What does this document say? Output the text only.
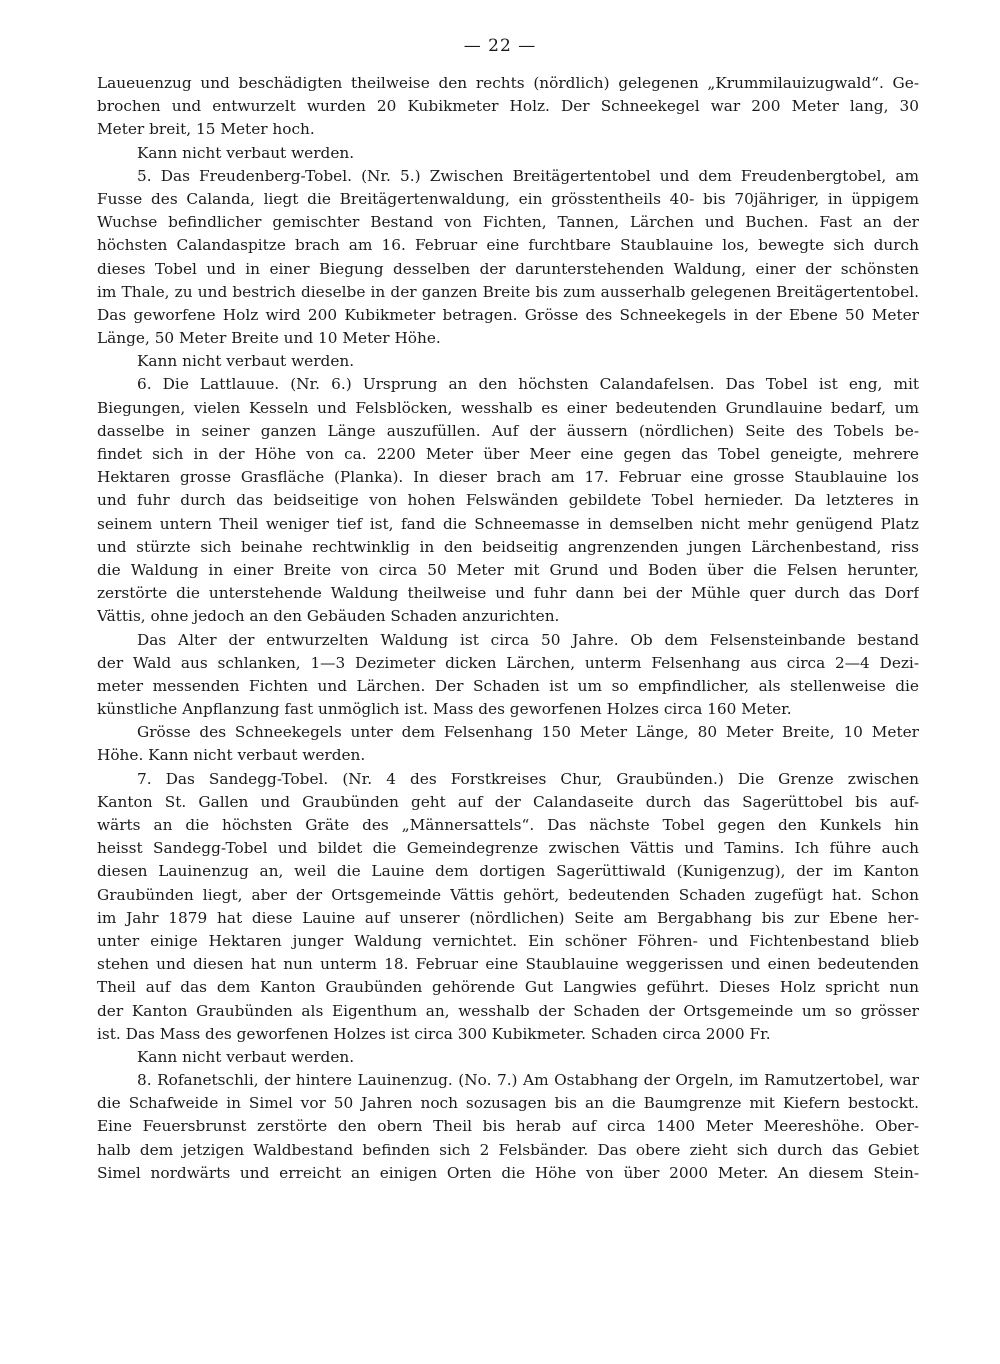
— 22 —
Laueuenzug und beschädigten theilweise den rechts (nördlich) gelegenen „Krummilauizugwald“. Ge-
brochen und entwurzelt wurden 20 Kubikmeter Holz. Der Schneekegel war 200 Meter lang, 30
Meter breit, 15 Meter hoch.
Kann nicht verbaut werden.
5. Das Freudenberg-Tobel. (Nr. 5.) Zwischen Breitägertentobel und dem Freudenbergtobel, am
Fusse des Calanda, liegt die Breitägertenwaldung, ein grösstentheils 40- bis 70jähriger, in üppigem
Wuchse befindlicher gemischter Bestand von Fichten, Tannen, Lärchen und Buchen. Fast an der
höchsten Calandaspitze brach am 16. Februar eine furchtbare Staublauine los, bewegte sich durch
dieses Tobel und in einer Biegung desselben der darunterstehenden Waldung, einer der schönsten
im Thale, zu und bestrich dieselbe in der ganzen Breite bis zum ausserhalb gelegenen Breitägertentobel.
Das geworfene Holz wird 200 Kubikmeter betragen. Grösse des Schneekegels in der Ebene 50 Meter
Länge, 50 Meter Breite und 10 Meter Höhe.
Kann nicht verbaut werden.
6. Die Lattlauue. (Nr. 6.) Ursprung an den höchsten Calandafelsen. Das Tobel ist eng, mit
Biegungen, vielen Kesseln und Felsblöcken, wesshalb es einer bedeutenden Grundlauine bedarf, um
dasselbe in seiner ganzen Länge auszufüllen. Auf der äussern (nördlichen) Seite des Tobels be-
findet sich in der Höhe von ca. 2200 Meter über Meer eine gegen das Tobel geneigte, mehrere
Hektaren grosse Grasfläche (Planka). In dieser brach am 17. Februar eine grosse Staublauine los
und fuhr durch das beidseitige von hohen Felswänden gebildete Tobel hernieder. Da letzteres in
seinem untern Theil weniger tief ist, fand die Schneemasse in demselben nicht mehr genügend Platz
und stürzte sich beinahe rechtwinklig in den beidseitig angrenzenden jungen Lärchenbestand, riss
die Waldung in einer Breite von circa 50 Meter mit Grund und Boden über die Felsen herunter,
zerstörte die unterstehende Waldung theilweise und fuhr dann bei der Mühle quer durch das Dorf
Vättis, ohne jedoch an den Gebäuden Schaden anzurichten.
Das Alter der entwurzelten Waldung ist circa 50 Jahre. Ob dem Felsensteinbande bestand
der Wald aus schlanken, 1—3 Dezimeter dicken Lärchen, unterm Felsenhang aus circa 2—4 Dezi-
meter messenden Fichten und Lärchen. Der Schaden ist um so empfindlicher, als stellenweise die
künstliche Anpflanzung fast unmöglich ist. Mass des geworfenen Holzes circa 160 Meter.
Grösse des Schneekegels unter dem Felsenhang 150 Meter Länge, 80 Meter Breite, 10 Meter
Höhe. Kann nicht verbaut werden.
7. Das Sandegg-Tobel. (Nr. 4 des Forstkreises Chur, Graubünden.) Die Grenze zwischen
Kanton St. Gallen und Graubünden geht auf der Calandaseite durch das Sagerüttobel bis auf-
wärts an die höchsten Gräte des „Männersattels“. Das nächste Tobel gegen den Kunkels hin
heisst Sandegg-Tobel und bildet die Gemeindegrenze zwischen Vättis und Tamins. Ich führe auch
diesen Lauinenzug an, weil die Lauine dem dortigen Sagerüttiwald (Kunigenzug), der im Kanton
Graubünden liegt, aber der Ortsgemeinde Vättis gehört, bedeutenden Schaden zugefügt hat. Schon
im Jahr 1879 hat diese Lauine auf unserer (nördlichen) Seite am Bergabhang bis zur Ebene her-
unter einige Hektaren junger Waldung vernichtet. Ein schöner Föhren- und Fichtenbestand blieb
stehen und diesen hat nun unterm 18. Februar eine Staublauine weggerissen und einen bedeutenden
Theil auf das dem Kanton Graubünden gehörende Gut Langwies geführt. Dieses Holz spricht nun
der Kanton Graubünden als Eigenthum an, wesshalb der Schaden der Ortsgemeinde um so grösser
ist. Das Mass des geworfenen Holzes ist circa 300 Kubikmeter. Schaden circa 2000 Fr.
Kann nicht verbaut werden.
8. Rofanetschli, der hintere Lauinenzug. (No. 7.) Am Ostabhang der Orgeln, im Ramutzertobel, war
die Schafweide in Simel vor 50 Jahren noch sozusagen bis an die Baumgrenze mit Kiefern bestockt.
Eine Feuersbrunst zerstörte den obern Theil bis herab auf circa 1400 Meter Meereshöhe. Ober-
halb dem jetzigen Waldbestand befinden sich 2 Felsbänder. Das obere zieht sich durch das Gebiet
Simel nordwärts und erreicht an einigen Orten die Höhe von über 2000 Meter. An diesem Stein-
